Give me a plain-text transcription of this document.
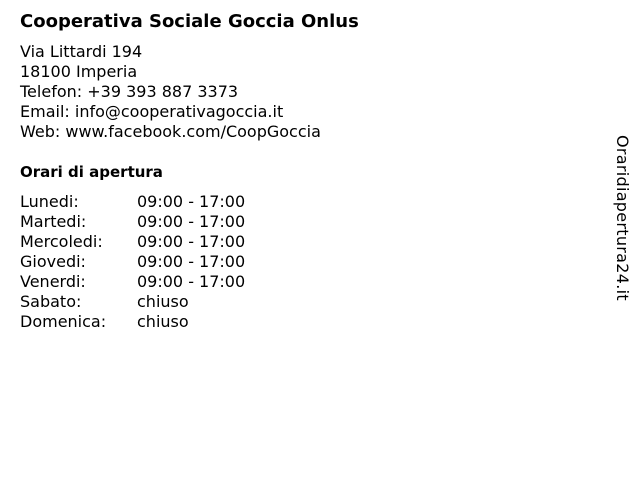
Cooperativa Sociale Goccia Onlus
Via Littardi 194
18100 Imperia
Telefon: +39 393 887 3373
Email: info@cooperativagoccia.it
Web: www.facebook.com/CoopGoccia
Orari di apertura
Lunedi:	09:00 - 17:00
Martedi:	09:00 - 17:00
Mercoledi:	09:00 - 17:00
Giovedi:	09:00 - 17:00
Venerdi:	09:00 - 17:00
Sabato:	chiuso
Domenica:	chiuso
Oraridiapertura24.it
